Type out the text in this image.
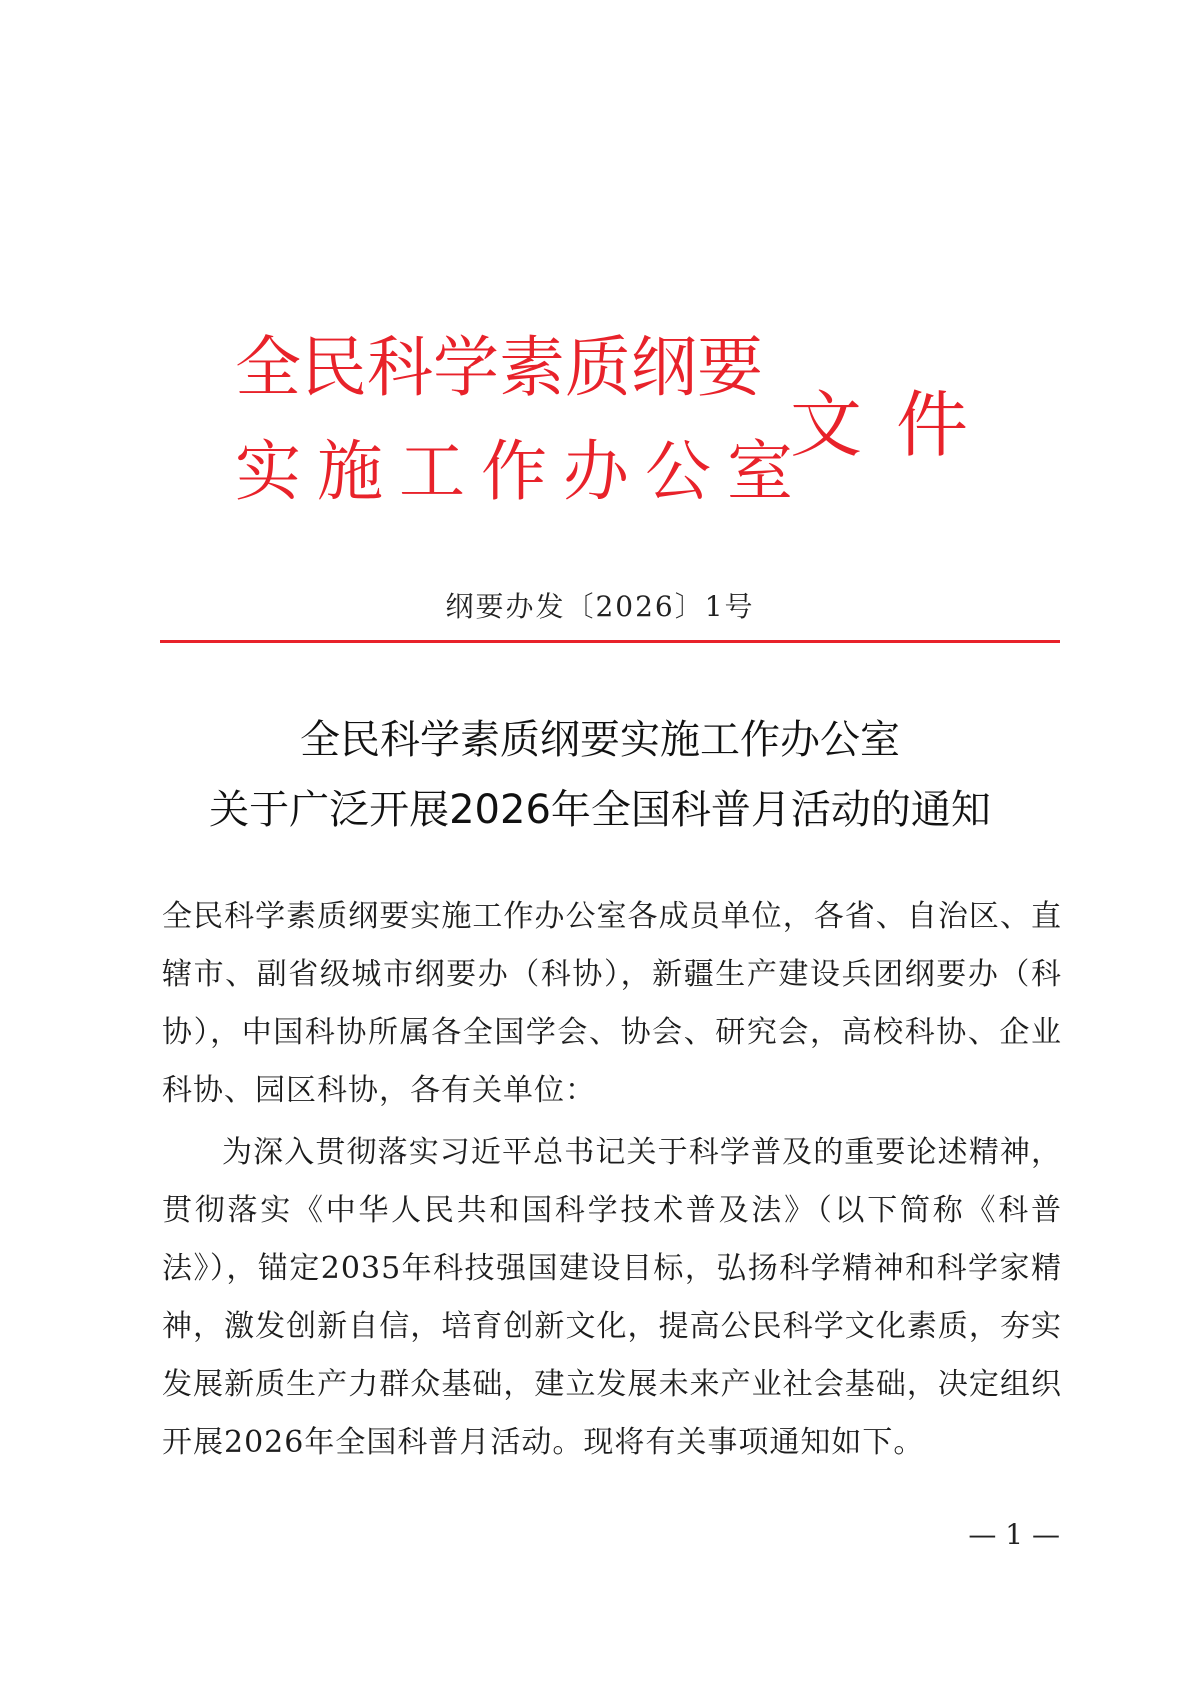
全民科学素质纲要
实施工作办公室
文件
纲要办发〔2026〕1号
全民科学素质纲要实施工作办公室
关于广泛开展2026年全国科普月活动的通知
全民科学素质纲要实施工作办公室各成员单位，各省、自治区、直辖市、副省级城市纲要办（科协），新疆生产建设兵团纲要办（科协），中国科协所属各全国学会、协会、研究会，高校科协、企业科协、园区科协，各有关单位：
为深入贯彻落实习近平总书记关于科学普及的重要论述精神，贯彻落实《中华人民共和国科学技术普及法》（以下简称《科普法》），锚定2035年科技强国建设目标，弘扬科学精神和科学家精神，激发创新自信，培育创新文化，提高公民科学文化素质，夯实发展新质生产力群众基础，建立发展未来产业社会基础，决定组织开展2026年全国科普月活动。现将有关事项通知如下。
— 1 —
